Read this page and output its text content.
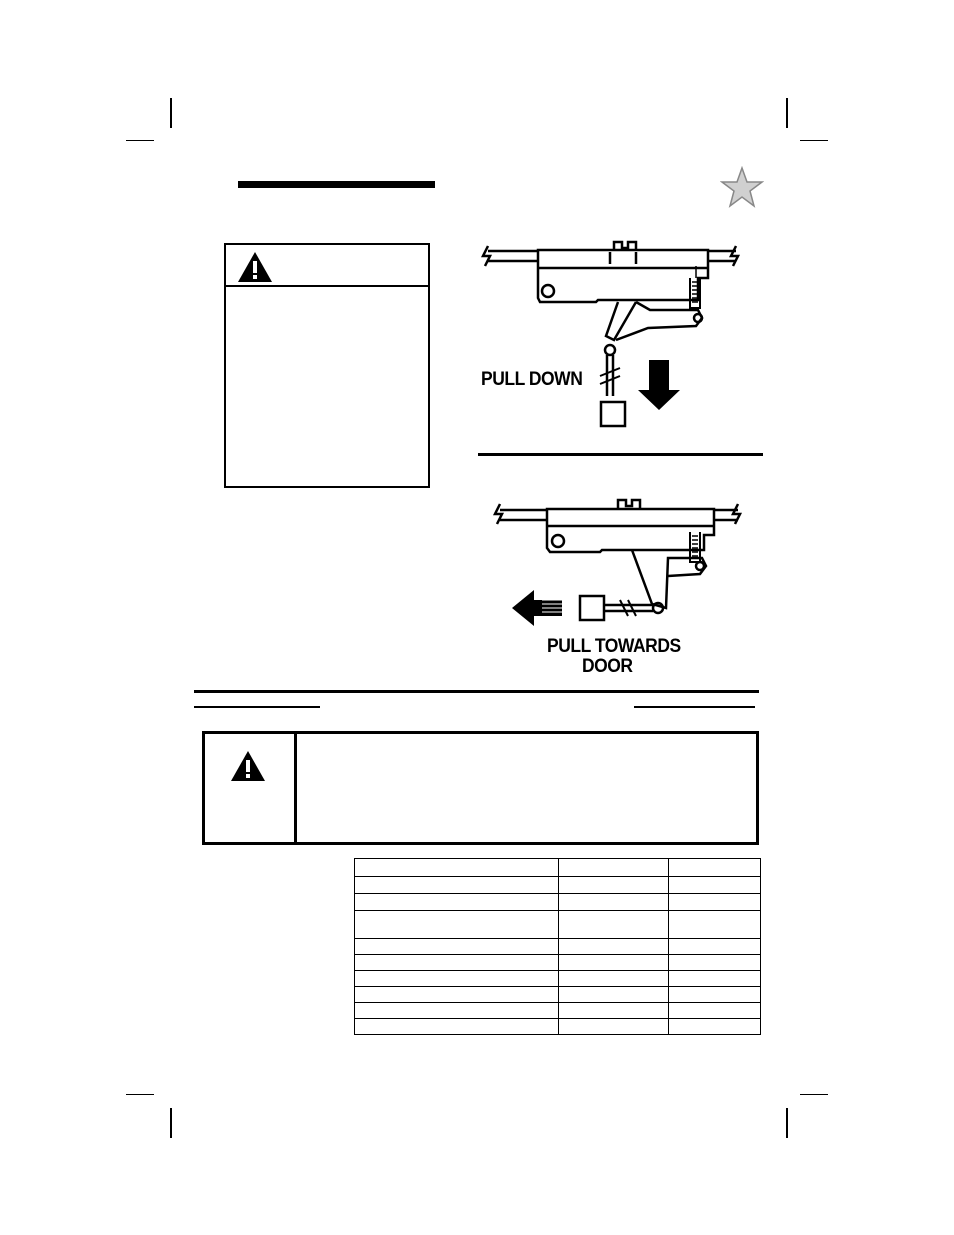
PULL DOWN
PULL TOWARDS
DOOR
